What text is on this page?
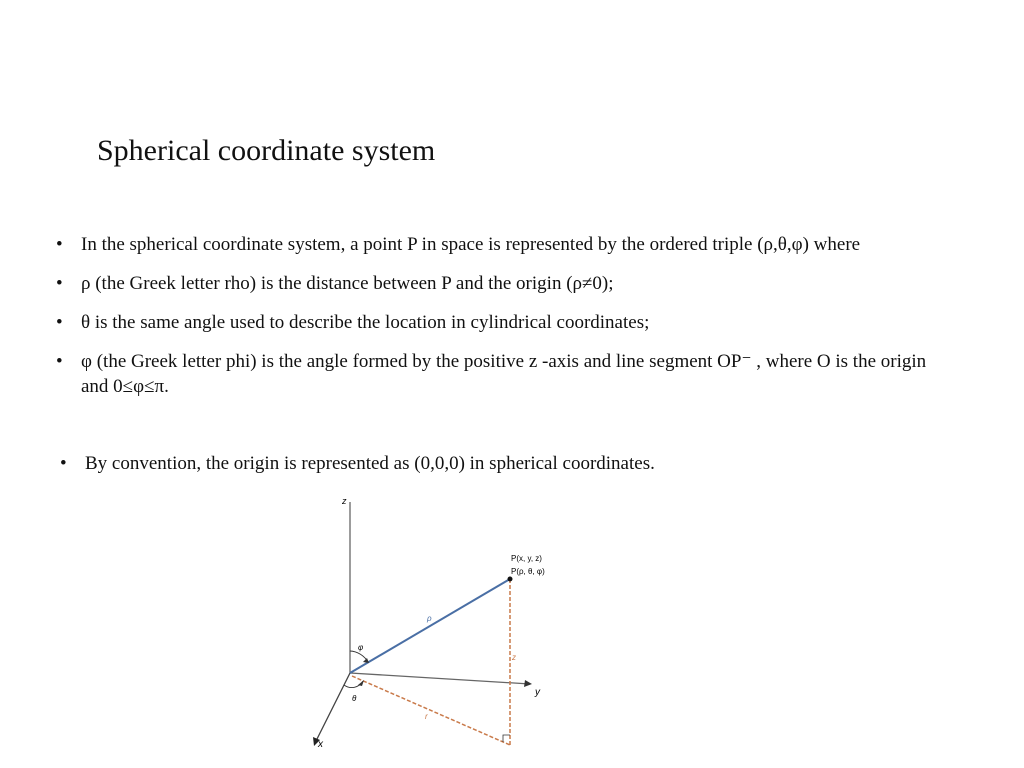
Spherical coordinate system
• In the spherical coordinate system, a point P in space is represented by the ordered triple (ρ,θ,φ) where
• ρ (the Greek letter rho) is the distance between P and the origin (ρ≠0);
• θ is the same angle used to describe the location in cylindrical coordinates;
• φ (the Greek letter phi) is the angle formed by the positive z -axis and line segment OP⁻ , where O is the origin and 0≤φ≤π.
• By convention, the origin is represented as (0,0,0) in spherical coordinates.
z
y
x
ρ
z
r
φ
θ
P(x, y, z)
P(ρ, θ, φ)
